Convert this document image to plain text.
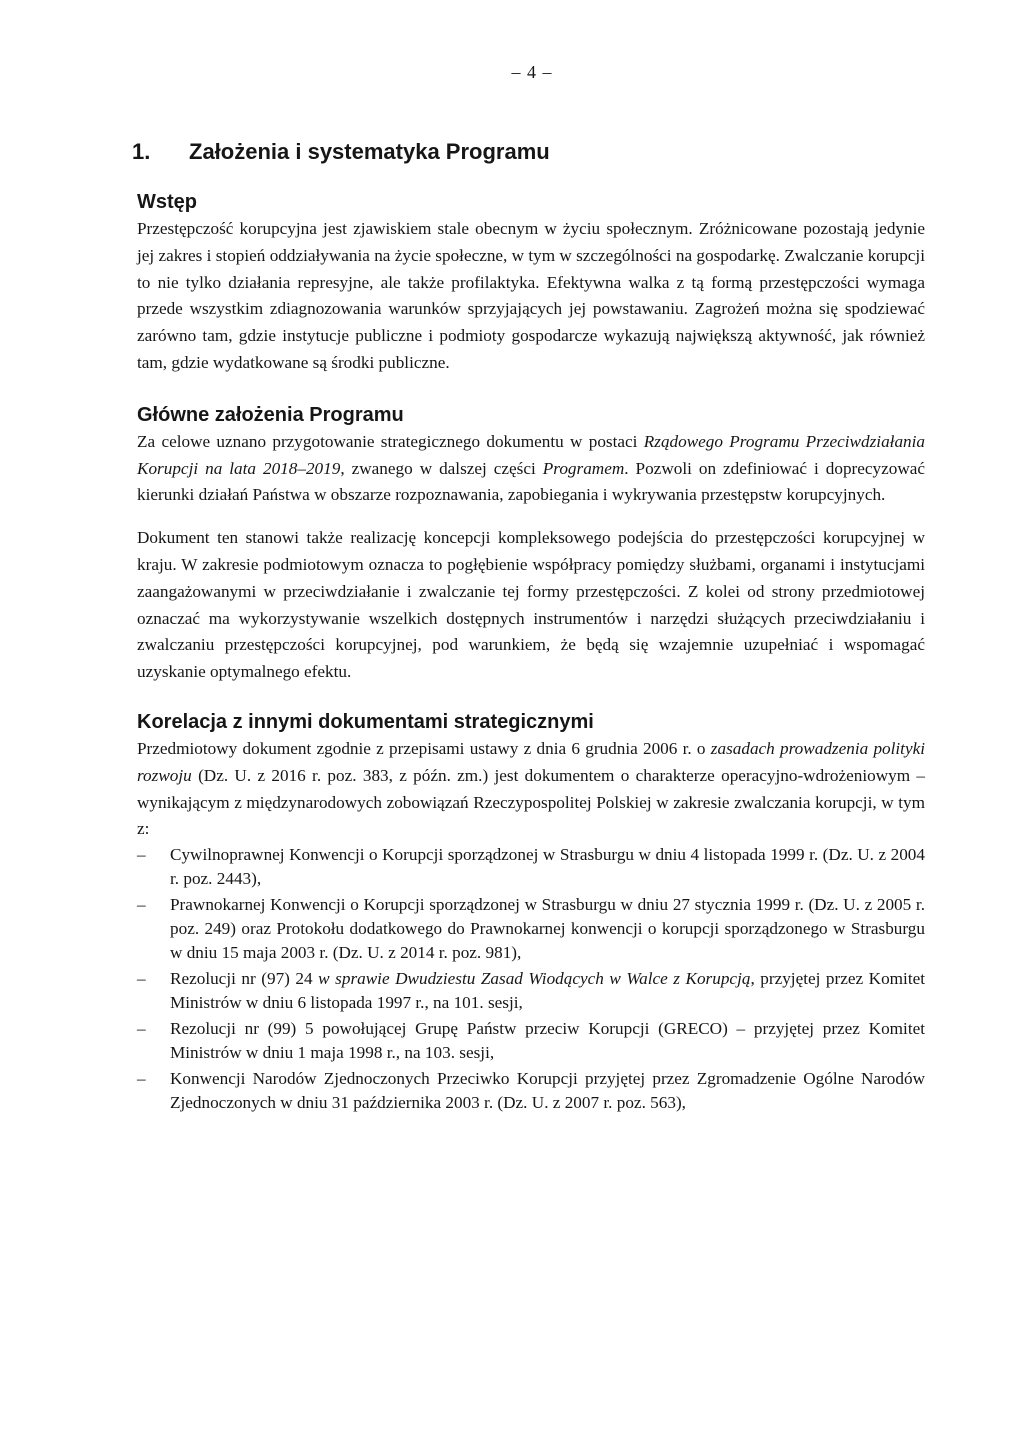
– 4 –
1.	Założenia i systematyka Programu
Wstęp

Przestępczość korupcyjna jest zjawiskiem stale obecnym w życiu społecznym. Zróżnicowane pozostają jedynie jej zakres i stopień oddziaływania na życie społeczne, w tym w szczególności na gospodarkę. Zwalczanie korupcji to nie tylko działania represyjne, ale także profilaktyka. Efektywna walka z tą formą przestępczości wymaga przede wszystkim zdiagnozowania warunków sprzyjających jej powstawaniu. Zagrożeń można się spodziewać zarówno tam, gdzie instytucje publiczne i podmioty gospodarcze wykazują największą aktywność, jak również tam, gdzie wydatkowane są środki publiczne.

Główne założenia Programu

Za celowe uznano przygotowanie strategicznego dokumentu w postaci Rządowego Programu Przeciwdziałania Korupcji na lata 2018–2019, zwanego w dalszej części Programem. Pozwoli on zdefiniować i doprecyzować kierunki działań Państwa w obszarze rozpoznawania, zapobiegania i wykrywania przestępstw korupcyjnych.

Dokument ten stanowi także realizację koncepcji kompleksowego podejścia do przestępczości korupcyjnej w kraju. W zakresie podmiotowym oznacza to pogłębienie współpracy pomiędzy służbami, organami i instytucjami zaangażowanymi w przeciwdziałanie i zwalczanie tej formy przestępczości. Z kolei od strony przedmiotowej oznaczać ma wykorzystywanie wszelkich dostępnych instrumentów i narzędzi służących przeciwdziałaniu i zwalczaniu przestępczości korupcyjnej, pod warunkiem, że będą się wzajemnie uzupełniać i wspomagać uzyskanie optymalnego efektu.

Korelacja z innymi dokumentami strategicznymi

Przedmiotowy dokument zgodnie z przepisami ustawy z dnia 6 grudnia 2006 r. o zasadach prowadzenia polityki rozwoju (Dz. U. z 2016 r. poz. 383, z późn. zm.) jest dokumentem o charakterze operacyjno-wdrożeniowym – wynikającym z międzynarodowych zobowiązań Rzeczypospolitej Polskiej w zakresie zwalczania korupcji, w tym z:

– Cywilnoprawnej Konwencji o Korupcji sporządzonej w Strasburgu w dniu 4 listopada 1999 r. (Dz. U. z 2004 r. poz. 2443),
– Prawnokarnej Konwencji o Korupcji sporządzonej w Strasburgu w dniu 27 stycznia 1999 r. (Dz. U. z 2005 r. poz. 249) oraz Protokołu dodatkowego do Prawnokarnej konwencji o korupcji sporządzonego w Strasburgu w dniu 15 maja 2003 r. (Dz. U. z 2014 r. poz. 981),
– Rezolucji nr (97) 24 w sprawie Dwudziestu Zasad Wiodących w Walce z Korupcją, przyjętej przez Komitet Ministrów w dniu 6 listopada 1997 r., na 101. sesji,
– Rezolucji nr (99) 5 powołującej Grupę Państw przeciw Korupcji (GRECO) – przyjętej przez Komitet Ministrów w dniu 1 maja 1998 r., na 103. sesji,
– Konwencji Narodów Zjednoczonych Przeciwko Korupcji przyjętej przez Zgromadzenie Ogólne Narodów Zjednoczonych w dniu 31 października 2003 r. (Dz. U. z 2007 r. poz. 563),
